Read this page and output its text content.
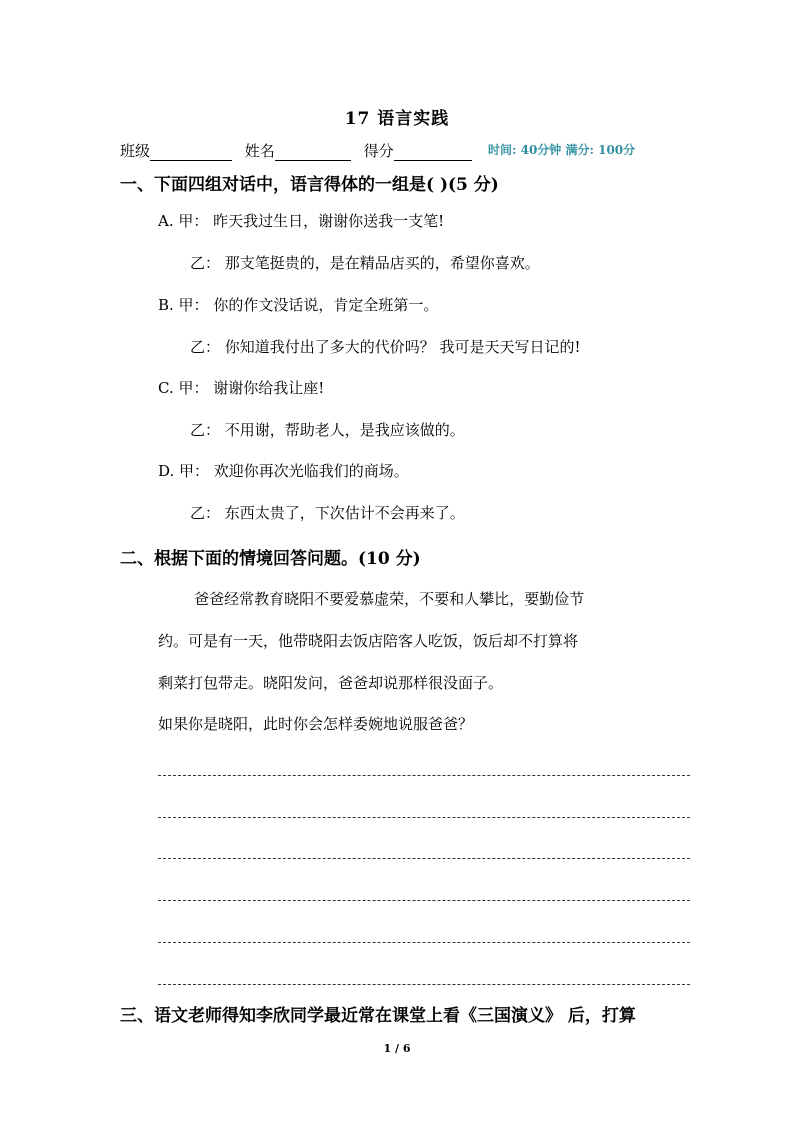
17 语言实践
班级	姓名	得分	时间: 40分钟 满分: 100分
一、下面四组对话中，语言得体的一组是( )(5 分)
A. 甲： 昨天我过生日，谢谢你送我一支笔!
乙： 那支笔挺贵的，是在精品店买的，希望你喜欢。
B. 甲： 你的作文没话说，肯定全班第一。
乙： 你知道我付出了多大的代价吗？ 我可是天天写日记的!
C. 甲： 谢谢你给我让座!
乙： 不用谢，帮助老人，是我应该做的。
D. 甲： 欢迎你再次光临我们的商场。
乙： 东西太贵了，下次估计不会再来了。
二、根据下面的情境回答问题。(10 分)
爸爸经常教育晓阳不要爱慕虚荣，不要和人攀比，要勤俭节
约。可是有一天，他带晓阳去饭店陪客人吃饭，饭后却不打算将
剩菜打包带走。晓阳发问，爸爸却说那样很没面子。
如果你是晓阳，此时你会怎样委婉地说服爸爸？
三、语文老师得知李欣同学最近常在课堂上看《三国演义》 后，打算
1 / 6
